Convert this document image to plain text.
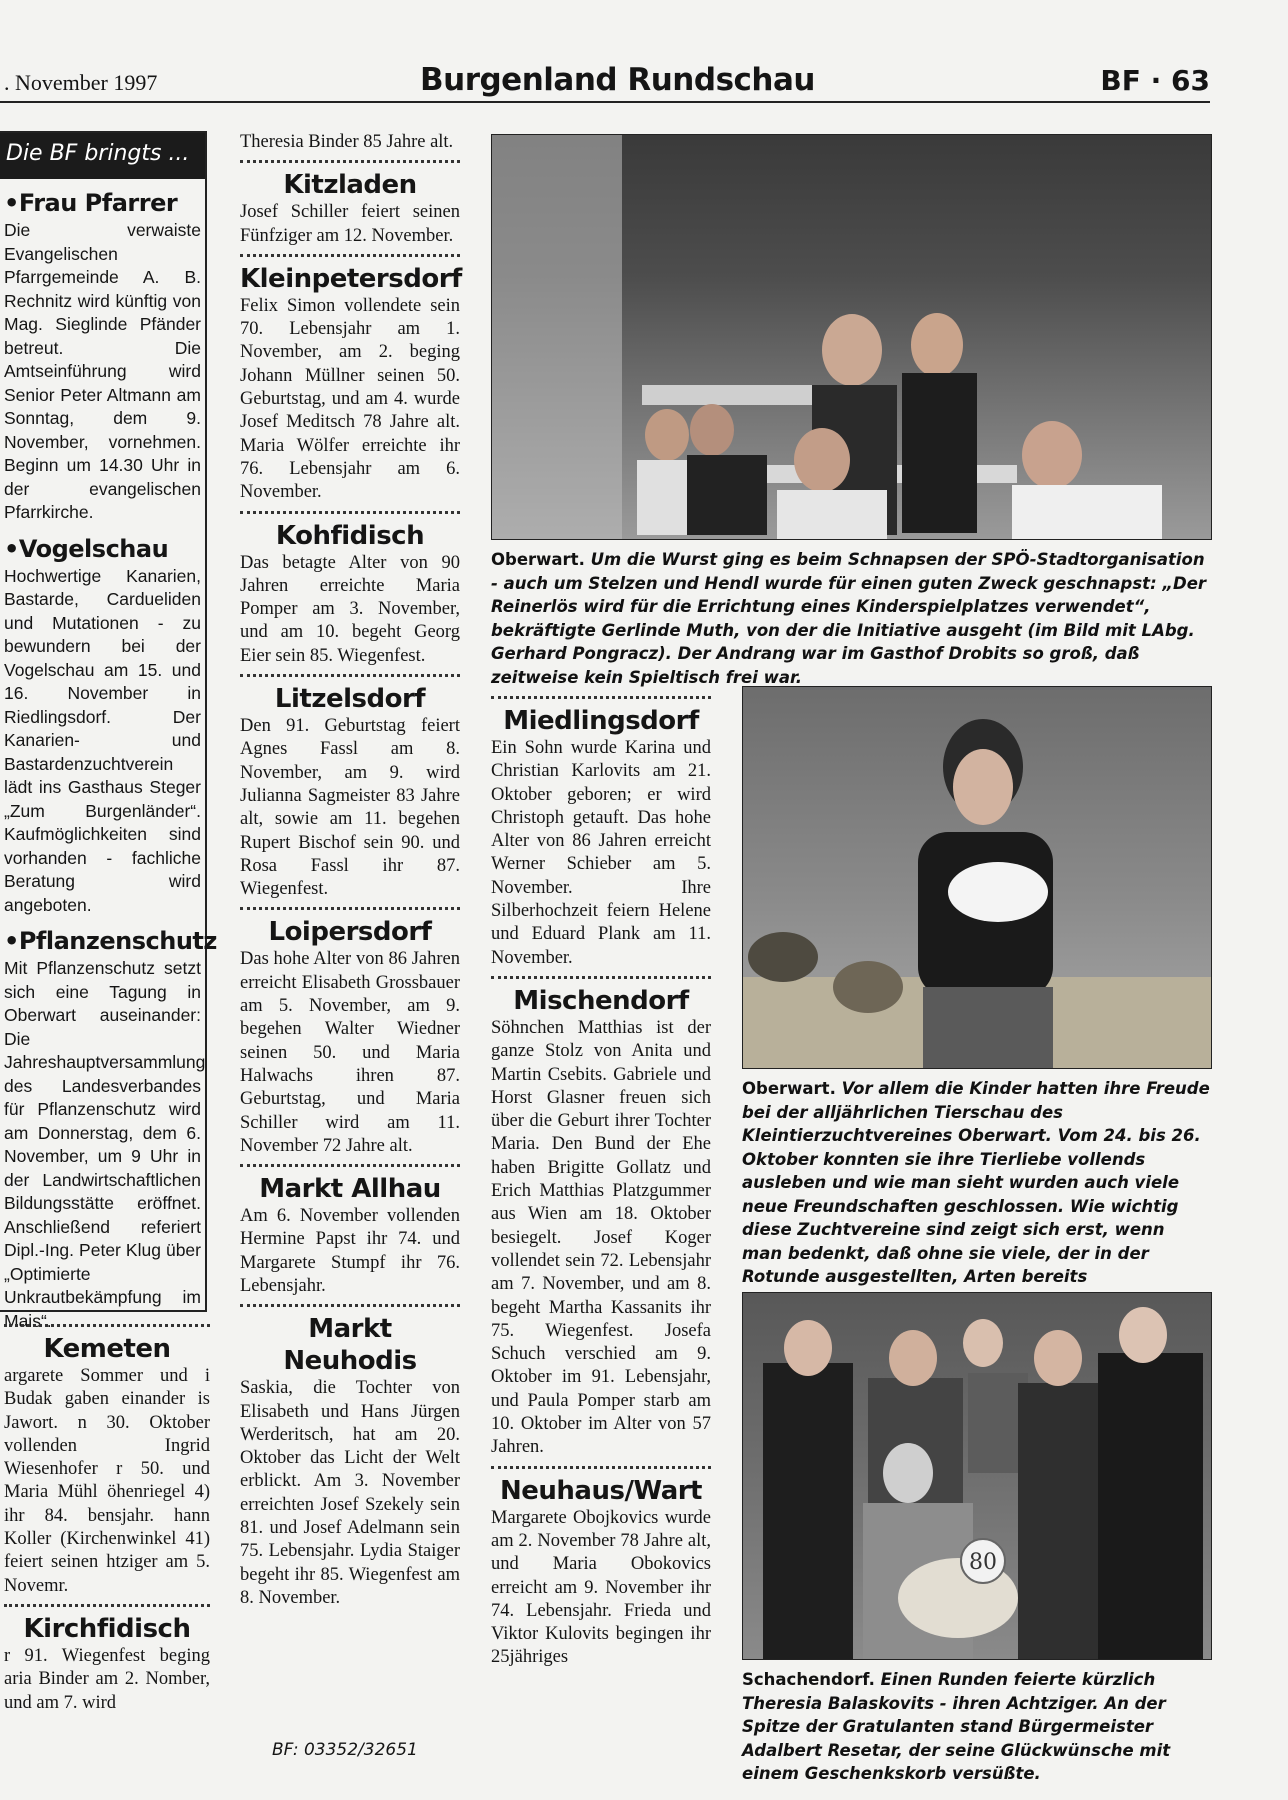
. November 1997	Burgenland Rundschau	BF · 63
Die BF bringts ...
• Frau Pfarrer
Die verwaiste Evangelischen Pfarrgemeinde A. B. Rechnitz wird künftig von Mag. Sieglinde Pfänder betreut. Die Amtseinführung wird Senior Peter Altmann am Sonntag, dem 9. November, vornehmen. Beginn um 14.30 Uhr in der evangelischen Pfarrkirche.
• Vogelschau
Hochwertige Kanarien, Bastarde, Cardueliden und Mutationen - zu bewundern bei der Vogelschau am 15. und 16. November in Riedlingsdorf. Der Kanarien- und Bastardenzuchtverein lädt ins Gasthaus Steger „Zum Burgenländer“. Kaufmöglichkeiten sind vorhanden - fachliche Beratung wird angeboten.
• Pflanzenschutz
Mit Pflanzenschutz setzt sich eine Tagung in Oberwart auseinander: Die Jahreshauptversammlung des Landesverbandes für Pflanzenschutz wird am Donnerstag, dem 6. November, um 9 Uhr in der Landwirtschaftlichen Bildungsstätte eröffnet. Anschließend referiert Dipl.-Ing. Peter Klug über „Optimierte Unkrautbekämpfung im Mais“.
Kemeten

argarete Sommer und i Budak gaben einander is Jawort. n 30. Oktober vollenden Ingrid Wiesenhofer r 50. und Maria Mühl öhenriegel 4) ihr 84. bensjahr. hann Koller (Kirchenwinkel 41) feiert seinen htziger am 5. Novemr.

Kirchfidisch

r 91. Wiegenfest beging aria Binder am 2. Nomber, und am 7. wird

Theresia Binder 85 Jahre alt.

Kitzladen

Josef Schiller feiert seinen Fünfziger am 12. November.

Kleinpetersdorf

Felix Simon vollendete sein 70. Lebensjahr am 1. November, am 2. beging Johann Müllner seinen 50. Geburtstag, und am 4. wurde Josef Meditsch 78 Jahre alt. Maria Wölfer erreichte ihr 76. Lebensjahr am 6. November.

Kohfidisch

Das betagte Alter von 90 Jahren erreichte Maria Pomper am 3. November, und am 10. begeht Georg Eier sein 85. Wiegenfest.

Litzelsdorf

Den 91. Geburtstag feiert Agnes Fassl am 8. November, am 9. wird Julianna Sagmeister 83 Jahre alt, sowie am 11. begehen Rupert Bischof sein 90. und Rosa Fassl ihr 87. Wiegenfest.

Loipersdorf

Das hohe Alter von 86 Jahren erreicht Elisabeth Grossbauer am 5. November, am 9. begehen Walter Wiedner seinen 50. und Maria Halwachs ihren 87. Geburtstag, und Maria Schiller wird am 11. November 72 Jahre alt.

Markt Allhau

Am 6. November vollenden Hermine Papst ihr 74. und Margarete Stumpf ihr 76. Lebensjahr.

Markt Neuhodis

Saskia, die Tochter von Elisabeth und Hans Jürgen Werderitsch, hat am 20. Oktober das Licht der Welt erblickt. Am 3. November erreichten Josef Szekely sein 81. und Josef Adelmann sein 75. Lebensjahr. Lydia Staiger begeht ihr 85. Wiegenfest am 8. November.

BF: 03352/32651
Oberwart. Um die Wurst ging es beim Schnapsen der SPÖ-Stadtorganisation - auch um Stelzen und Hendl wurde für einen guten Zweck geschnapst: „Der Reinerlös wird für die Errichtung eines Kinderspielplatzes verwendet“, bekräftigte Gerlinde Muth, von der die Initiative ausgeht (im Bild mit LAbg. Gerhard Pongracz). Der Andrang war im Gasthof Drobits so groß, daß zeitweise kein Spieltisch frei war.
Miedlingsdorf

Ein Sohn wurde Karina und Christian Karlovits am 21. Oktober geboren; er wird Christoph getauft. Das hohe Alter von 86 Jahren erreicht Werner Schieber am 5. November. Ihre Silberhochzeit feiern Helene und Eduard Plank am 11. November.

Mischendorf

Söhnchen Matthias ist der ganze Stolz von Anita und Martin Csebits. Gabriele und Horst Glasner freuen sich über die Geburt ihrer Tochter Maria. Den Bund der Ehe haben Brigitte Gollatz und Erich Matthias Platzgummer aus Wien am 18. Oktober besiegelt. Josef Koger vollendet sein 72. Lebensjahr am 7. November, und am 8. begeht Martha Kassanits ihr 75. Wiegenfest. Josefa Schuch verschied am 9. Oktober im 91. Lebensjahr, und Paula Pomper starb am 10. Oktober im Alter von 57 Jahren.

Neuhaus/Wart

Margarete Obojkovics wurde am 2. November 78 Jahre alt, und Maria Obokovics erreicht am 9. November ihr 74. Lebensjahr. Frieda und Viktor Kulovits begingen ihr 25jähriges

Oberwart. Vor allem die Kinder hatten ihre Freude bei der alljährlichen Tierschau des Kleintierzuchtvereines Oberwart. Vom 24. bis 26. Oktober konnten sie ihre Tierliebe vollends ausleben und wie man sieht wurden auch viele neue Freundschaften geschlossen. Wie wichtig diese Zuchtvereine sind zeigt sich erst, wenn man bedenkt, daß ohne sie viele, der in der Rotunde ausgestellten, Arten bereits
80
Schachendorf. Einen Runden feierte kürzlich Theresia Balaskovits - ihren Achtziger. An der Spitze der Gratulanten stand Bürgermeister Adalbert Resetar, der seine Glückwünsche mit einem Geschenkskorb versüßte.
